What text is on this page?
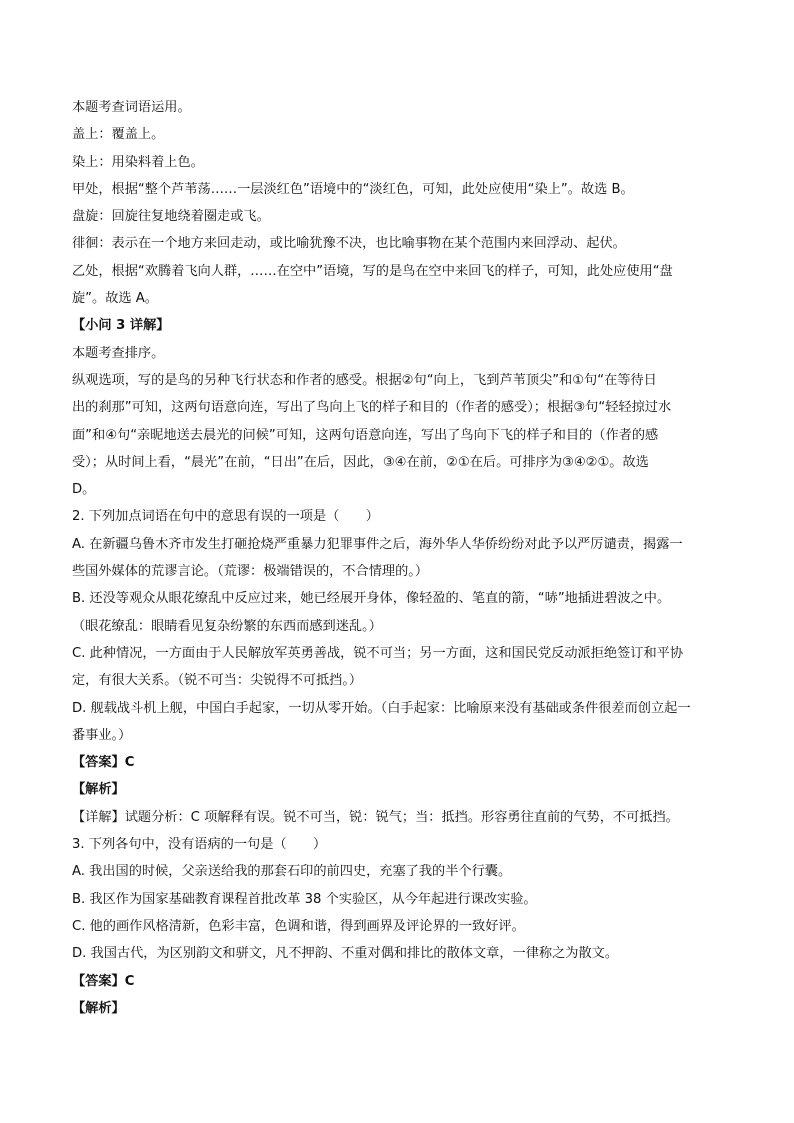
本题考查词语运用。
盖上：覆盖上。
染上：用染料着上色。
甲处，根据“整个芦苇荡……一层淡红色”语境中的“淡红色，可知，此处应使用“染上”。故选 B。
盘旋：回旋往复地绕着圈走或飞。
徘徊：表示在一个地方来回走动，或比喻犹豫不决，也比喻事物在某个范围内来回浮动、起伏。
乙处，根据“欢腾着飞向人群，……在空中”语境，写的是鸟在空中来回飞的样子，可知，此处应使用“盘
旋”。故选 A。
【小问 3 详解】
本题考查排序。
纵观选项，写的是鸟的另种飞行状态和作者的感受。根据②句“向上，飞到芦苇顶尖”和①句“在等待日
出的刹那”可知，这两句语意向连，写出了鸟向上飞的样子和目的（作者的感受）；根据③句“轻轻掠过水
面”和④句“亲昵地送去晨光的问候”可知，这两句语意向连，写出了鸟向下飞的样子和目的（作者的感
受）；从时间上看，“晨光”在前，“日出”在后，因此，③④在前，②①在后。可排序为③④②①。故选
D。
2. 下列加点词语在句中的意思有误的一项是（　　）
A. 在新疆乌鲁木齐市发生打砸抢烧严重暴力犯罪事件之后，海外华人华侨纷纷对此予以严厉谴责，揭露一
些国外媒体的荒谬言论。（荒谬：极端错误的，不合情理的。）
B. 还没等观众从眼花缭乱中反应过来，她已经展开身体，像轻盈的、笔直的箭，“哧”地插进碧波之中。
（眼花缭乱：眼睛看见复杂纷繁的东西而感到迷乱。）
C. 此种情况，一方面由于人民解放军英勇善战，锐不可当；另一方面，这和国民党反动派拒绝签订和平协
定，有很大关系。（锐不可当：尖锐得不可抵挡。）
D. 舰载战斗机上舰，中国白手起家，一切从零开始。（白手起家：比喻原来没有基础或条件很差而创立起一
番事业。）
【答案】C
【解析】
【详解】试题分析：C 项解释有误。锐不可当，锐：锐气；当：抵挡。形容勇往直前的气势，不可抵挡。
3. 下列各句中，没有语病的一句是（　　）
A. 我出国的时候，父亲送给我的那套石印的前四史，充塞了我的半个行囊。
B. 我区作为国家基础教育课程首批改革 38 个实验区，从今年起进行课改实验。
C. 他的画作风格清新，色彩丰富，色调和谐，得到画界及评论界的一致好评。
D. 我国古代，为区别韵文和骈文，凡不押韵、不重对偶和排比的散体文章，一律称之为散文。
【答案】C
【解析】
